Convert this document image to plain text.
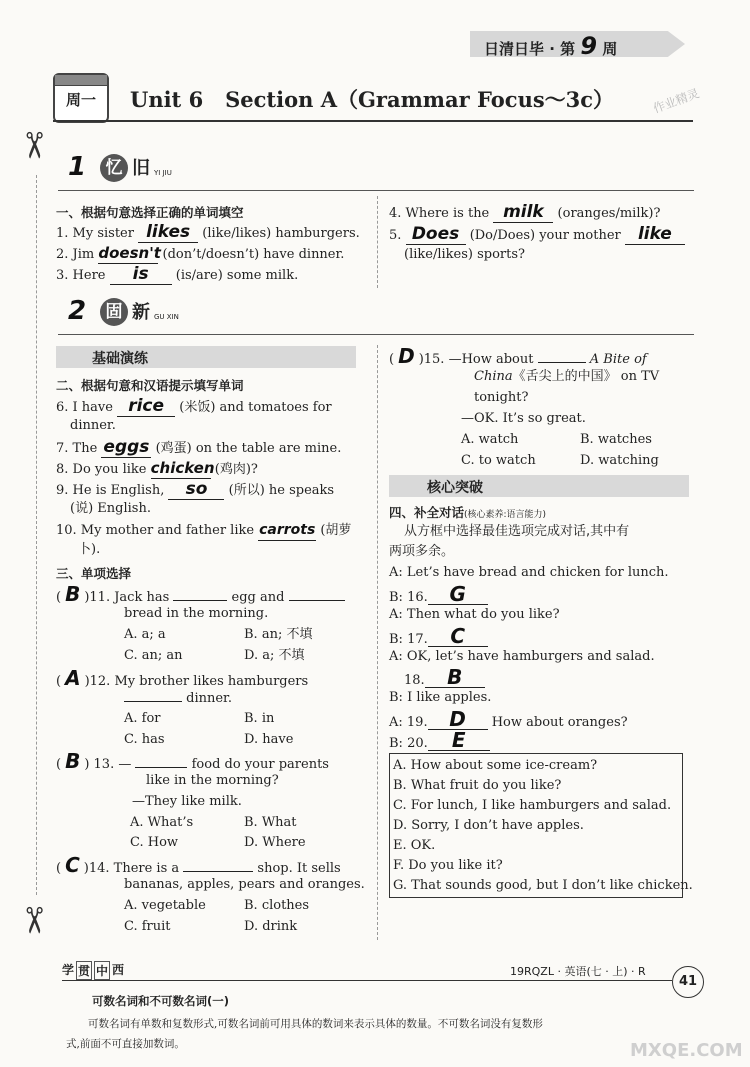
日清日毕 · 第 9 周
周一	Unit 6   Section A（Grammar Focus～3c）
✂
✂
作业精灵
1	忆 旧 YI JIU
一、根据句意选择正确的单词填空
1. My sister likes (like/likes) hamburgers.
2. Jim doesn't (don’t/doesn’t) have dinner.
3. Here is (is/are) some milk.
4. Where is the milk (oranges/milk)?
5. Does (Do/Does) your mother like
(like/likes) sports?
2	固 新 GU XIN
基础演练
二、根据句意和汉语提示填写单词
6. I have rice (米饭) and tomatoes for
dinner.
7. The eggs (鸡蛋) on the table are mine.
8. Do you like chicken (鸡肉)?
9. He is English, so (所以) he speaks
(说) English.
10. My mother and father like carrots (胡萝
卜).
三、单项选择
( B )11. Jack has	egg and
bread in the morning.
A. a; a	B. an; 不填
C. an; an	D. a; 不填
( A )12. My brother likes hamburgers
dinner.
A. for	B. in
C. has	D. have
( B ) 13. —	food do your parents
like in the morning?
—They like milk.
A. What’s	B. What
C. How	D. Where
( C )14. There is a	shop. It sells
bananas, apples, pears and oranges.
A. vegetable	B. clothes
C. fruit	D. drink
( D )15. —How about	A Bite of
China《舌尖上的中国》 on TV
tonight?
—OK. It’s so great.
A. watch	B. watches
C. to watch	D. watching
核心突破
四、补全对话(核心素养:语言能力)
从方框中选择最佳选项完成对话,其中有
两项多余。
A: Let’s have bread and chicken for lunch.
B: 16. G
A: Then what do you like?
B: 17. C
A: OK, let’s have hamburgers and salad.
18. B
B: I like apples.
A: 19. D How about oranges?
B: 20. E
A. How about some ice-cream?
B. What fruit do you like?
C. For lunch, I like hamburgers and salad.
D. Sorry, I don’t have apples.
E. OK.
F. Do you like it?
G. That sounds good, but I don’t like chicken.
学 贯 中 西	19RQZL · 英语(七 · 上) · R
41
可数名词和不可数名词(一)
可数名词有单数和复数形式,可数名词前可用具体的数词来表示具体的数量。不可数名词没有复数形
式,前面不可直接加数词。	MXQE.COM
